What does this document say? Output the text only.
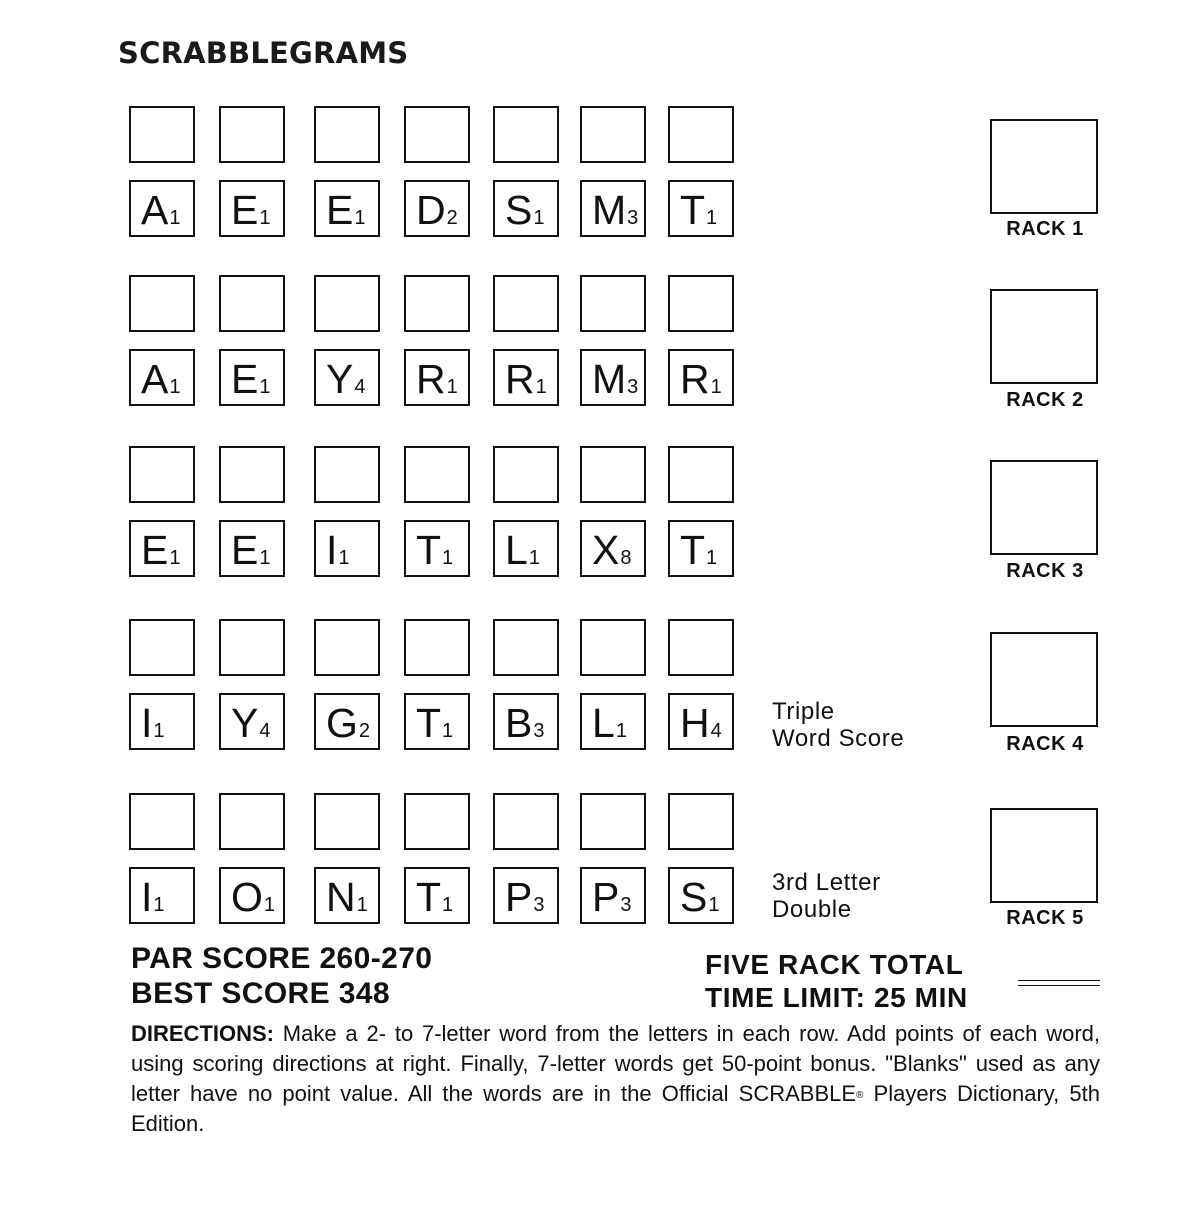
SCRABBLEGRAMS
A1 E1 E1 D2 S1 M3 T1	RACK 1
A1 E1 Y4 R1 R1 M3 R1
RACK 2
E1 E1 I1 T1 L1 X8 T1
RACK 3
I1 Y4 G2 T1 B3 L1 H4
RACK 4
Triple
Word Score
I1 O1 N1 T1 P3 P3 S1
RACK 5
3rd Letter
Double
PAR SCORE 260-270
BEST SCORE 348
FIVE RACK TOTAL
TIME LIMIT: 25 MIN
DIRECTIONS: Make a 2- to 7-letter word from the letters in each row. Add points of each word, using scoring directions at right. Finally, 7-letter words get 50-point bonus. "Blanks" used as any letter have no point value. All the words are in the Official SCRABBLE® Players Dictionary, 5th Edition.
